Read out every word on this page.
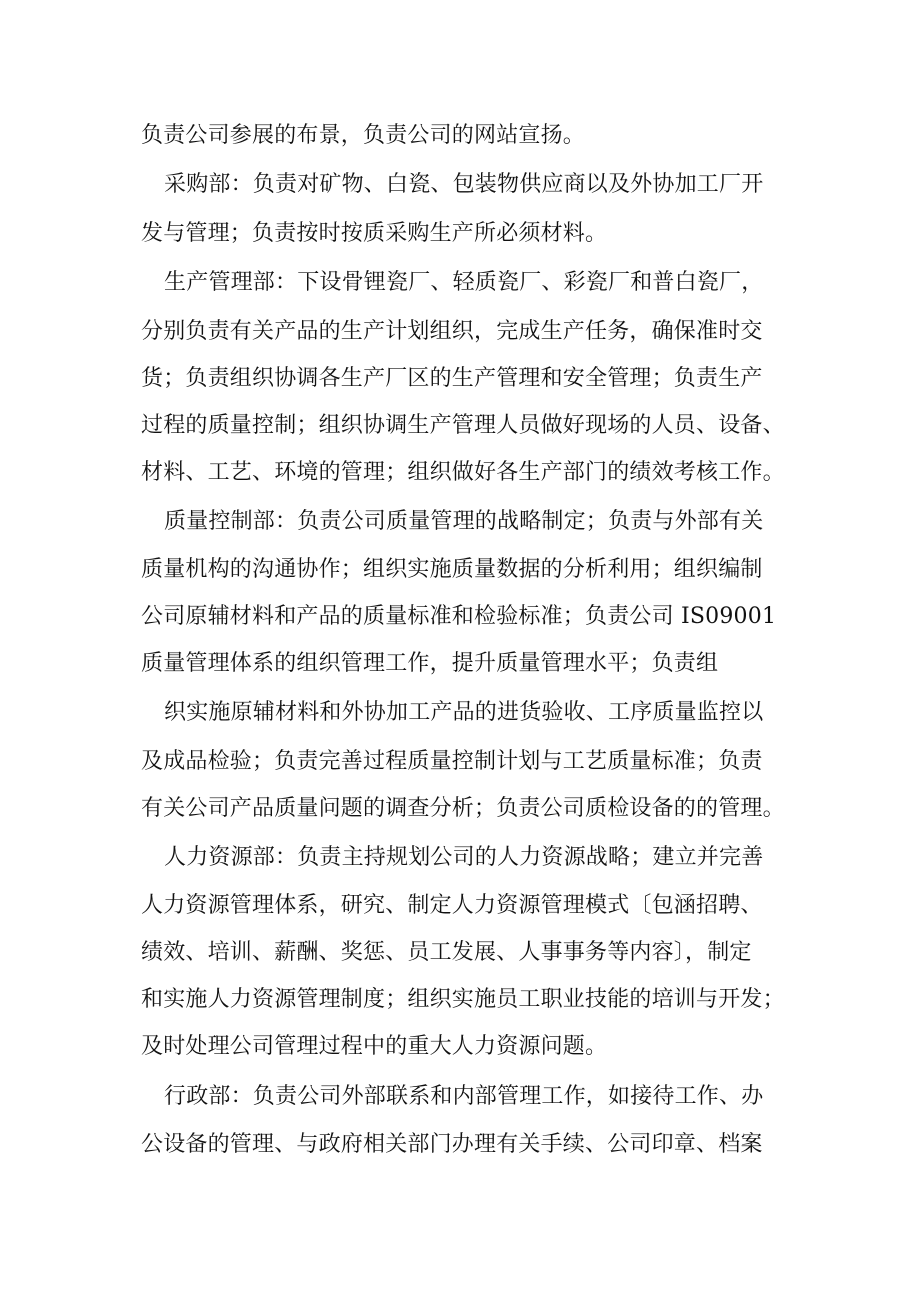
负责公司参展的布景，负责公司的网站宣扬。
采购部：负责对矿物、白瓷、包装物供应商以及外协加工厂开
发与管理；负责按时按质采购生产所必须材料。
生产管理部：下设骨锂瓷厂、轻质瓷厂、彩瓷厂和普白瓷厂，
分别负责有关产品的生产计划组织，完成生产任务，确保准时交
货；负责组织协调各生产厂区的生产管理和安全管理；负责生产
过程的质量控制；组织协调生产管理人员做好现场的人员、设备、
材料、工艺、环境的管理；组织做好各生产部门的绩效考核工作。
质量控制部：负责公司质量管理的战略制定；负责与外部有关
质量机构的沟通协作；组织实施质量数据的分析利用；组织编制
公司原辅材料和产品的质量标准和检验标准；负责公司 IS09001
质量管理体系的组织管理工作，提升质量管理水平；负责组
织实施原辅材料和外协加工产品的进货验收、工序质量监控以
及成品检验；负责完善过程质量控制计划与工艺质量标准；负责
有关公司产品质量问题的调查分析；负责公司质检设备的的管理。
人力资源部：负责主持规划公司的人力资源战略；建立并完善
人力资源管理体系，研究、制定人力资源管理模式〔包涵招聘、
绩效、培训、薪酬、奖惩、员工发展、人事事务等内容〕，制定
和实施人力资源管理制度；组织实施员工职业技能的培训与开发；
及时处理公司管理过程中的重大人力资源问题。
行政部：负责公司外部联系和内部管理工作，如接待工作、办
公设备的管理、与政府相关部门办理有关手续、公司印章、档案
